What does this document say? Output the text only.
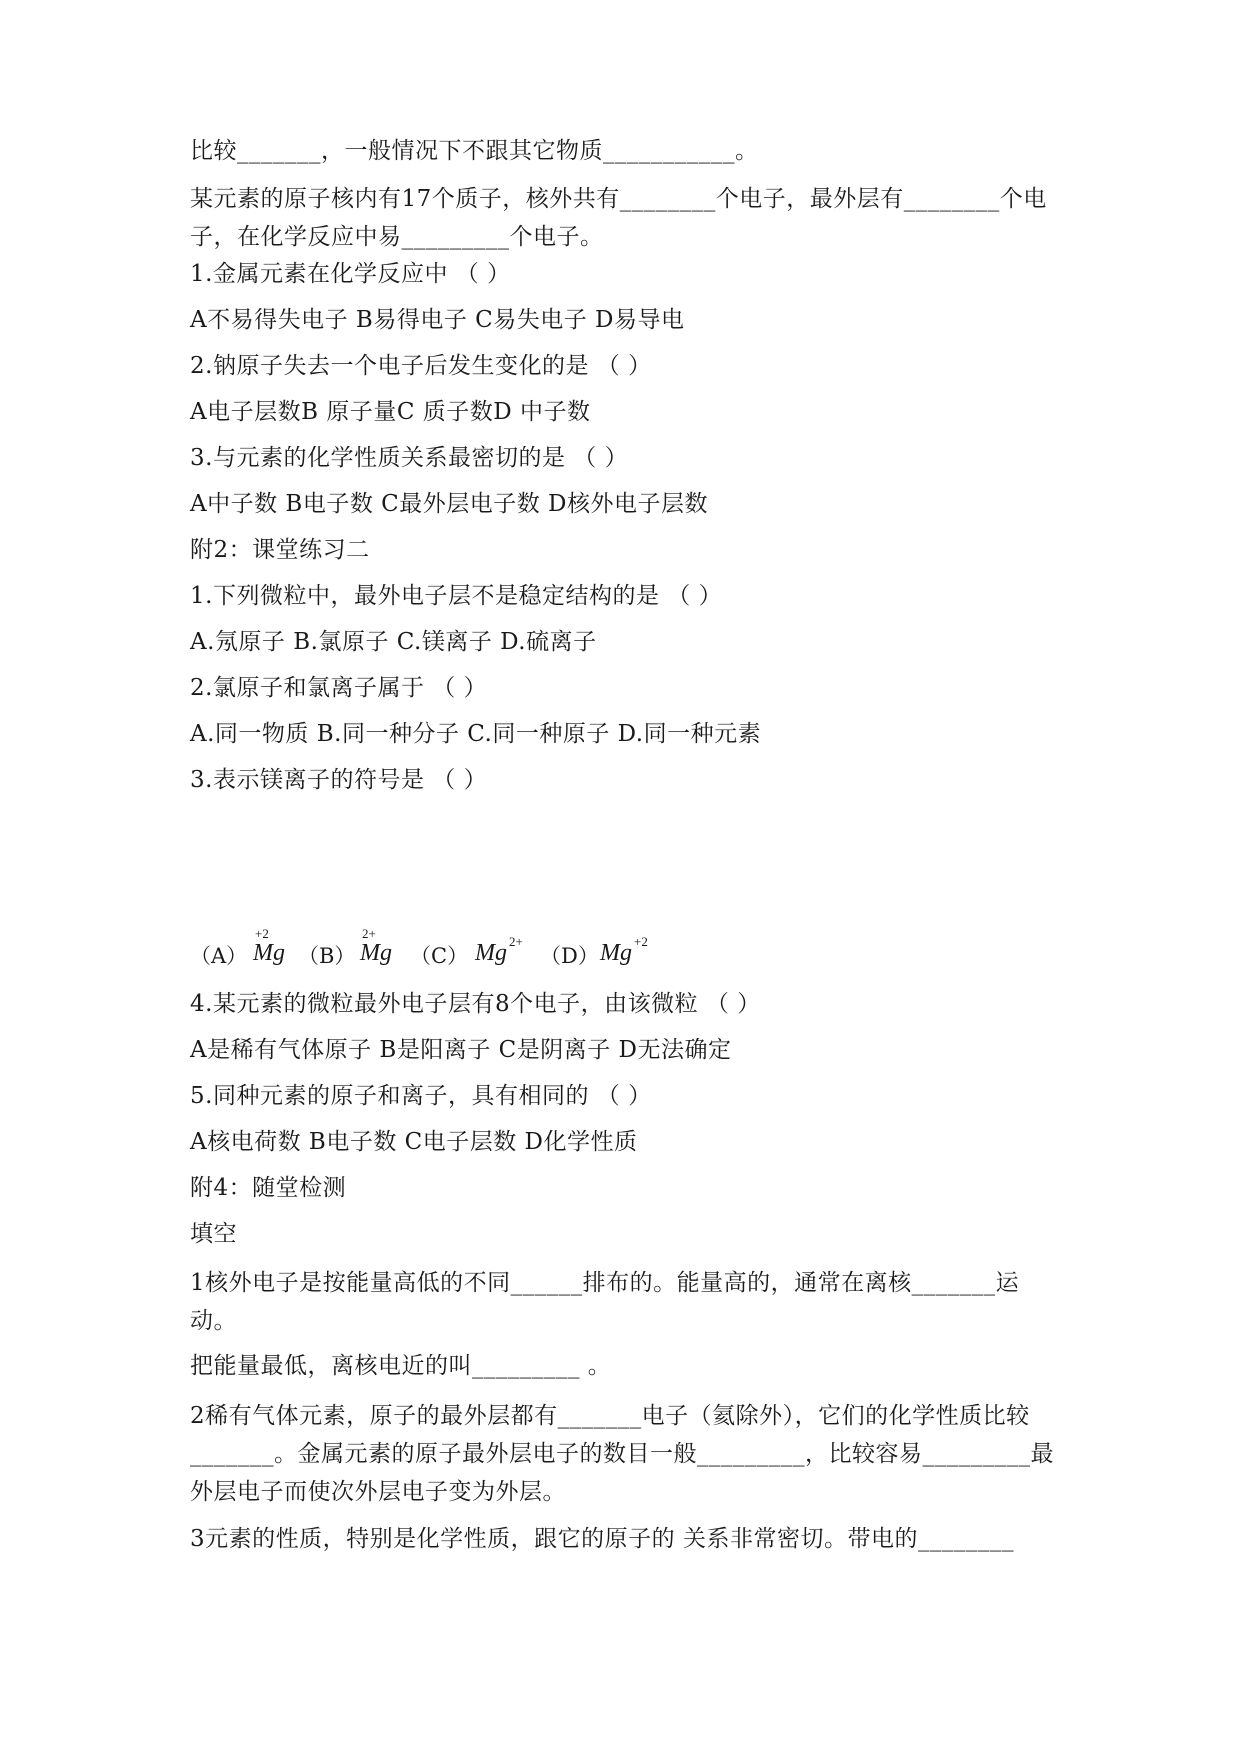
比较_______，一般情况下不跟其它物质___________。
某元素的原子核内有17个质子，核外共有________个电子，最外层有________个电子，在化学反应中易_________个电子。
1.金属元素在化学反应中 （ ）
A不易得失电子 B易得电子 C易失电子 D易导电
2.钠原子失去一个电子后发生变化的是 （ ）
A电子层数B 原子量C 质子数D 中子数
3.与元素的化学性质关系最密切的是 （ ）
A中子数 B电子数 C最外层电子数 D核外电子层数
附2：课堂练习二
1.下列微粒中，最外电子层不是稳定结构的是 （ ）
A.氖原子 B.氯原子 C.镁离子 D.硫离子
2.氯原子和氯离子属于 （ ）
A.同一物质 B.同一种分子 C.同一种原子 D.同一种元素
3.表示镁离子的符号是 （ ）
（A）
+2
Mg （B）
2+
Mg （C） Mg 2+
（D） Mg +2
4.某元素的微粒最外电子层有8个电子，由该微粒 （ ）
A是稀有气体原子 B是阳离子 C是阴离子 D无法确定
5.同种元素的原子和离子，具有相同的 （ ）
A核电荷数 B电子数 C电子层数 D化学性质
附4：随堂检测
填空
1核外电子是按能量高低的不同______排布的。能量高的，通常在离核_______运动。
把能量最低，离核电近的叫_________ 。
2稀有气体元素，原子的最外层都有_______电子（氦除外），它们的化学性质比较_______。金属元素的原子最外层电子的数目一般_________，比较容易_________最外层电子而使次外层电子变为外层。
3元素的性质，特别是化学性质，跟它的原子的 关系非常密切。带电的________
